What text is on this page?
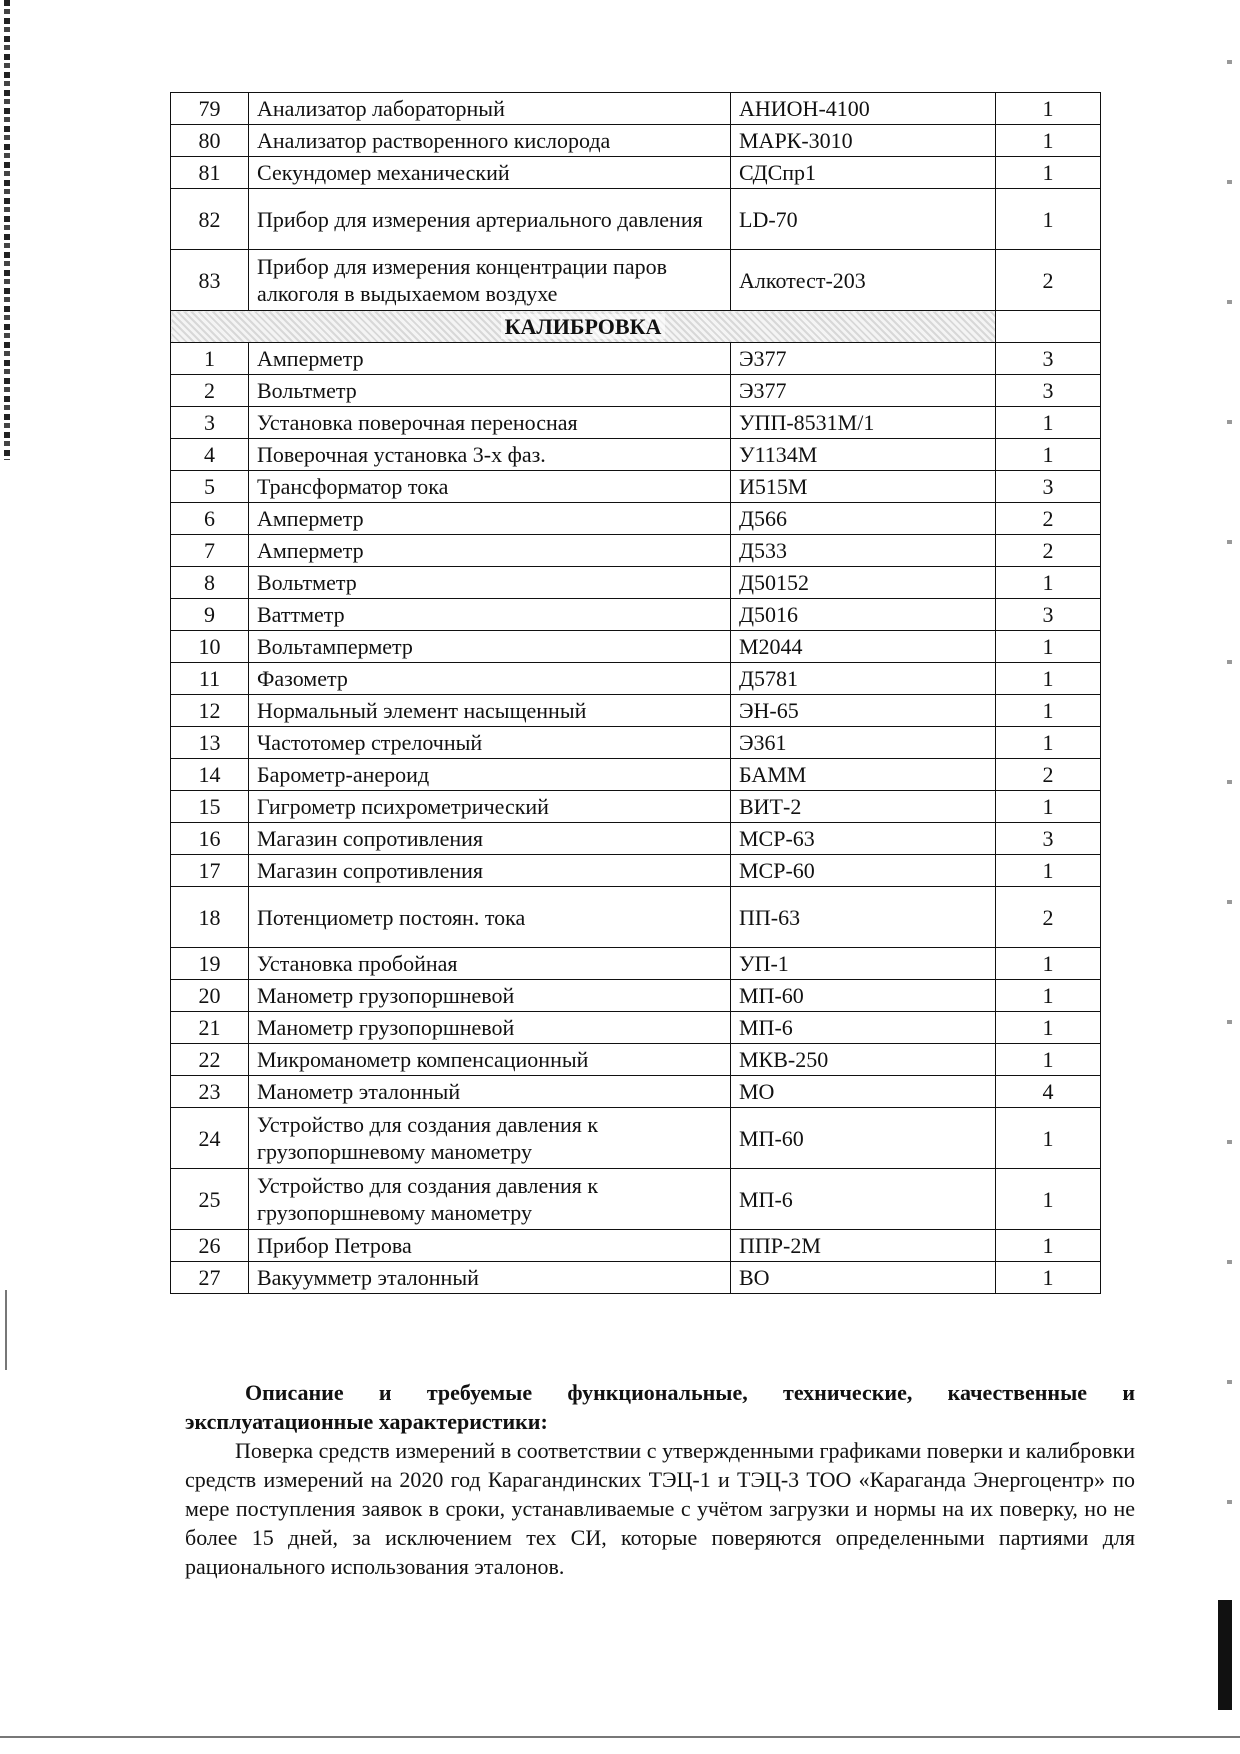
79	Анализатор лабораторный	АНИОН-4100	1
80	Анализатор растворенного кислорода	МАРК-3010	1
81	Секундомер механический	СДСпр1	1
82	Прибор для измерения артериального давления	LD-70	1
83	Прибор для измерения концентрации паров алкоголя в выдыхаемом воздухе	Алкотест-203	2
КАЛИБРОВКА			
1	Амперметр	Э377	3
2	Вольтметр	Э377	3
3	Установка поверочная переносная	УПП-8531М/1	1
4	Поверочная установка 3-х фаз.	У1134М	1
5	Трансформатор тока	И515М	3
6	Амперметр	Д566	2
7	Амперметр	Д533	2
8	Вольтметр	Д50152	1
9	Ваттметр	Д5016	3
10	Вольтамперметр	М2044	1
11	Фазометр	Д5781	1
12	Нормальный элемент насыщенный	ЭН-65	1
13	Частотомер стрелочный	Э361	1
14	Барометр-анероид	БАММ	2
15	Гигрометр психрометрический	ВИТ-2	1
16	Магазин сопротивления	МСР-63	3
17	Магазин сопротивления	МСР-60	1
18	Потенциометр постоян. тока	ПП-63	2
19	Установка пробойная	УП-1	1
20	Манометр грузопоршневой	МП-60	1
21	Манометр грузопоршневой	МП-6	1
22	Микроманометр компенсационный	МКВ-250	1
23	Манометр эталонный	МО	4
24	Устройство для создания давления к грузопоршневому манометру	МП-60	1
25	Устройство для создания давления к грузопоршневому манометру	МП-6	1
26	Прибор Петрова	ППР-2М	1
27	Вакуумметр эталонный	ВО	1

Описание и требуемые функциональные, технические, качественные и эксплуатационные характеристики:

Поверка средств измерений в соответствии с утвержденными графиками поверки и калибровки средств измерений на 2020 год Карагандинских ТЭЦ-1 и ТЭЦ-3 ТОО «Караганда Энергоцентр» по мере поступления заявок в сроки, устанавливаемые с учётом загрузки и нормы на их поверку, но не более 15 дней, за исключением тех СИ, которые поверяются определенными партиями для рационального использования эталонов.
